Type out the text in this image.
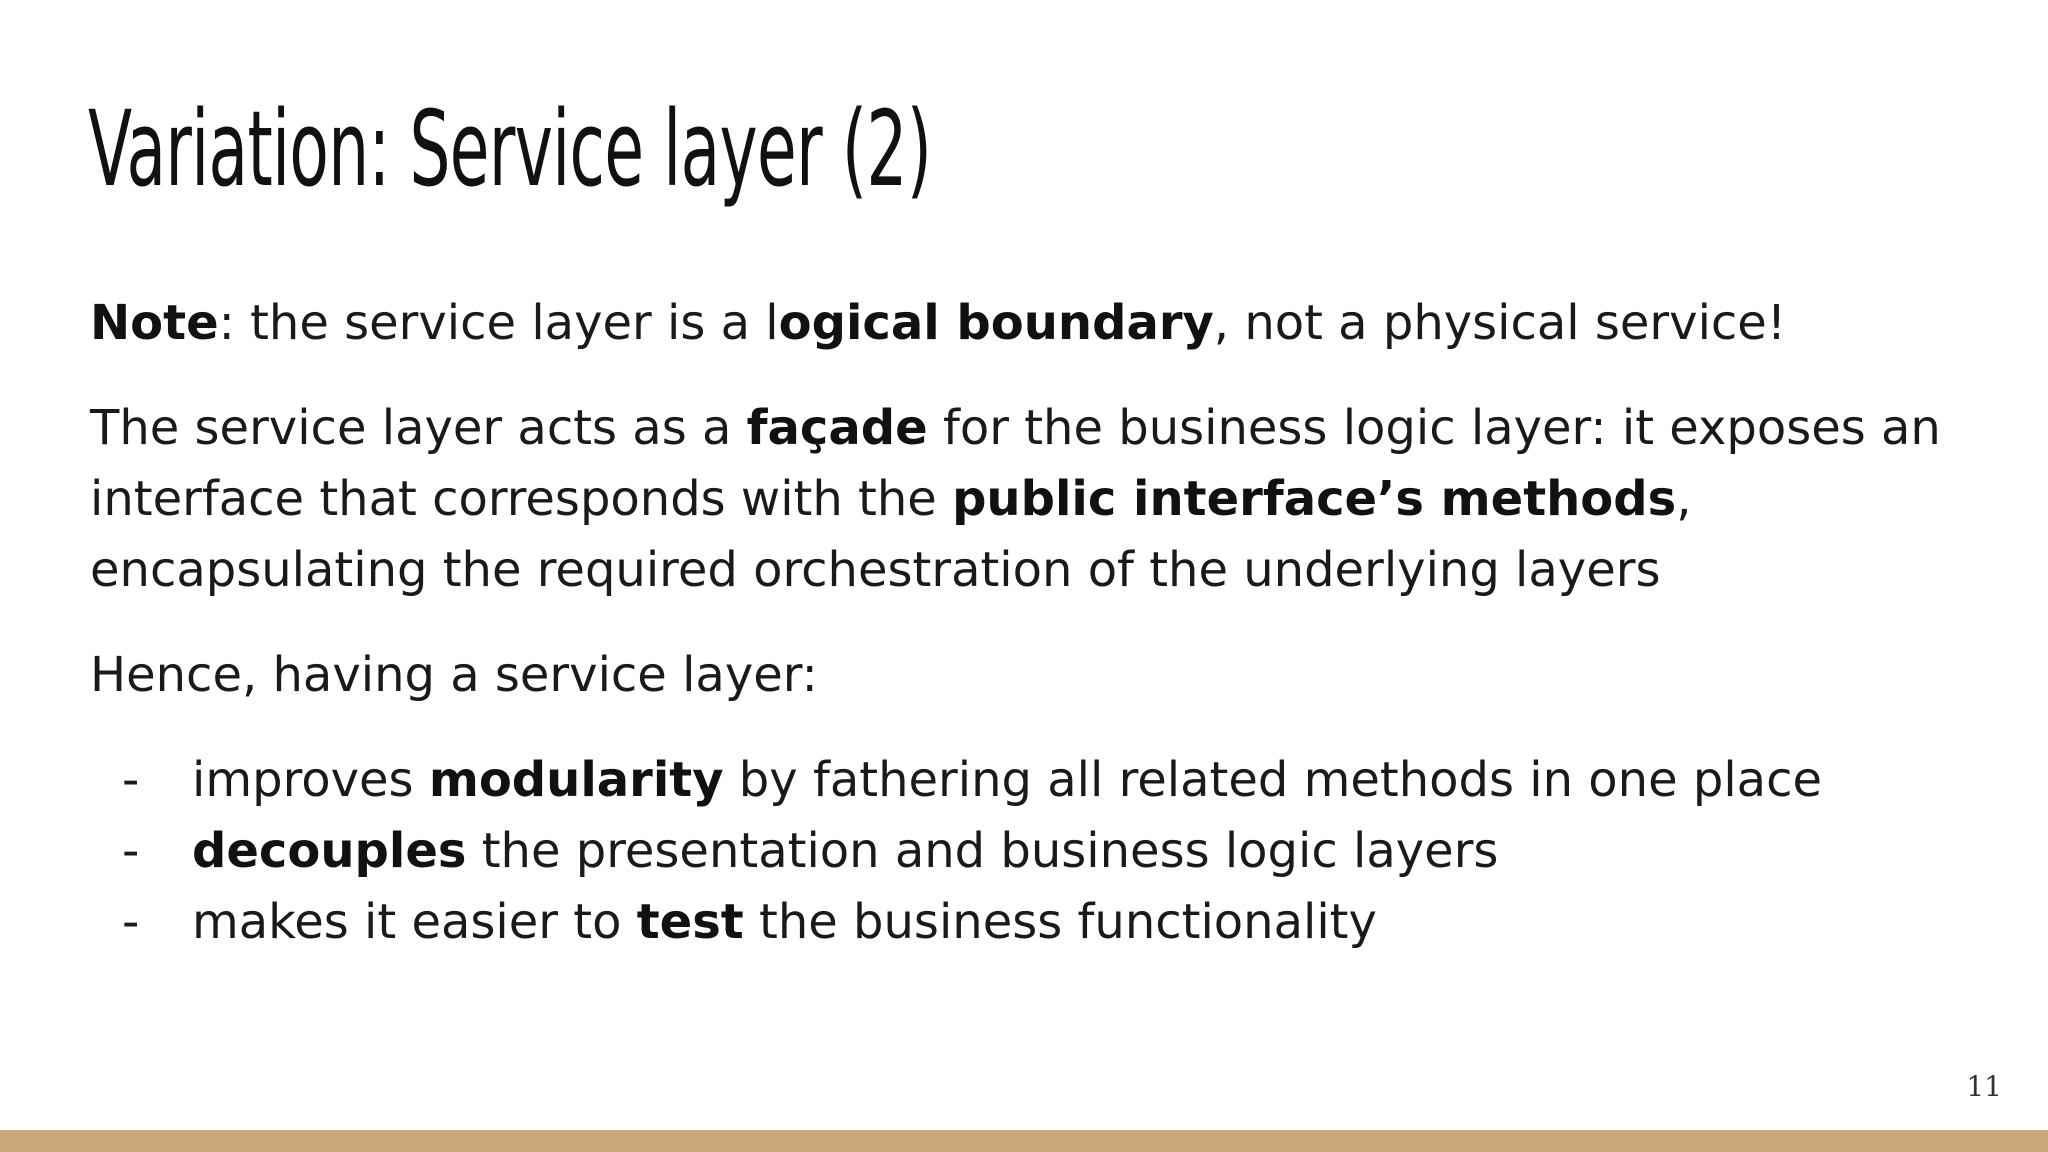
Variation: Service layer (2)

Note: the service layer is a logical boundary, not a physical service!

The service layer acts as a façade for the business logic layer: it exposes an interface that corresponds with the public interface’s methods, encapsulating the required orchestration of the underlying layers

Hence, having a service layer:

- improves modularity by fathering all related methods in one place
- decouples the presentation and business logic layers
- makes it easier to test the business functionality
11
